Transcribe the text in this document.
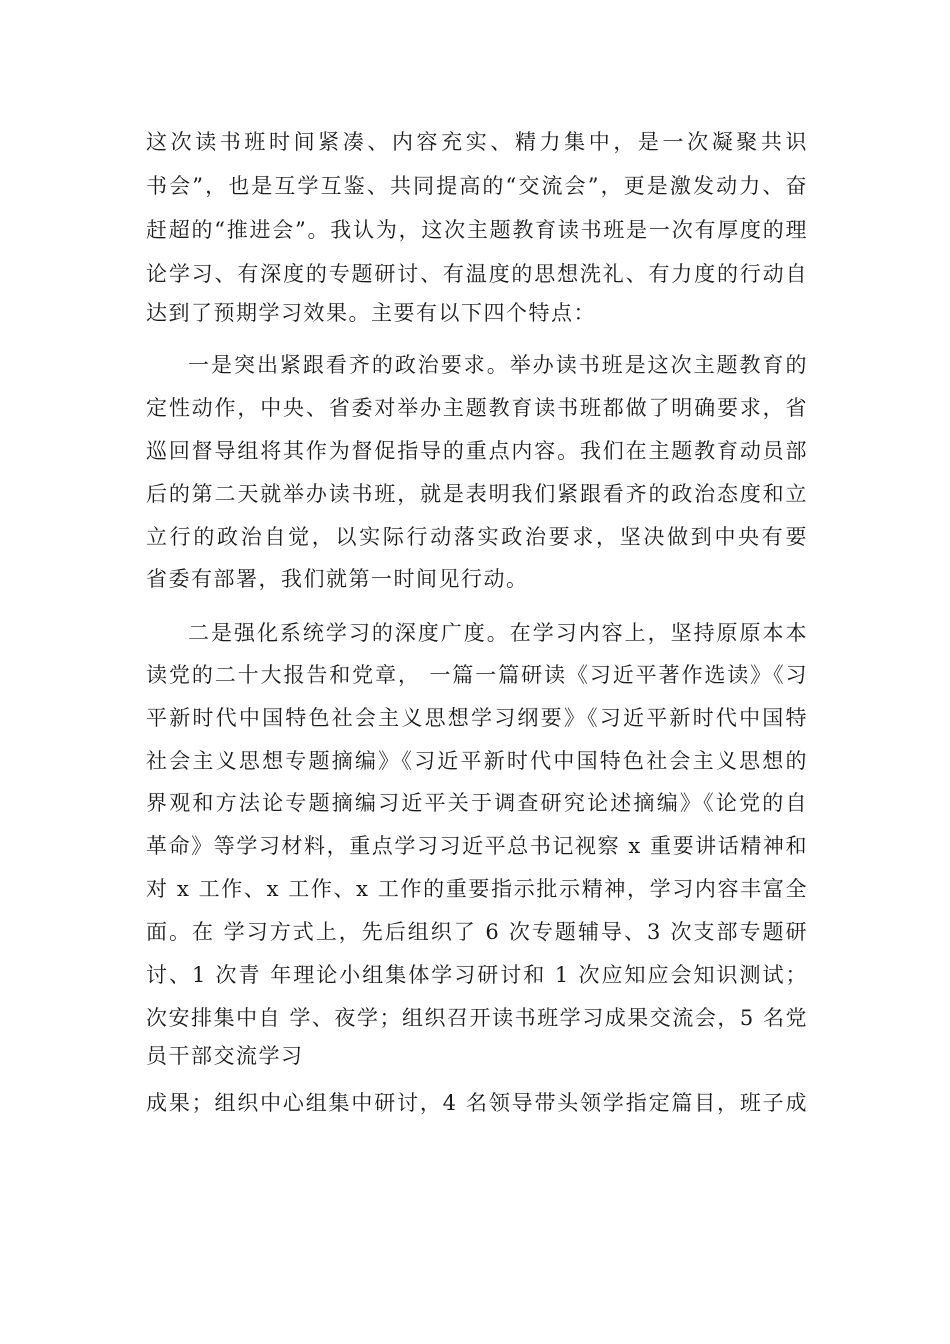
这次读书班时间紧凑、内容充实、精力集中，是一次凝聚共识
书会”，也是互学互鉴、共同提高的“交流会”，更是激发动力、奋
赶超的“推进会”。我认为，这次主题教育读书班是一次有厚度的理
论学习、有深度的专题研讨、有温度的思想洗礼、有力度的行动自
达到了预期学习效果。主要有以下四个特点：
一是突出紧跟看齐的政治要求。举办读书班是这次主题教育的
定性动作，中央、省委对举办主题教育读书班都做了明确要求，省
巡回督导组将其作为督促指导的重点内容。我们在主题教育动员部
后的第二天就举办读书班，就是表明我们紧跟看齐的政治态度和立
立行的政治自觉，以实际行动落实政治要求，坚决做到中央有要
省委有部署，我们就第一时间见行动。
二是强化系统学习的深度广度。在学习内容上，坚持原原本本
读党的二十大报告和党章， 一篇一篇研读《习近平著作选读》《习
平新时代中国特色社会主义思想学习纲要》《习近平新时代中国特
社会主义思想专题摘编》《习近平新时代中国特色社会主义思想的
界观和方法论专题摘编习近平关于调查研究论述摘编》《论党的自
革命》等学习材料，重点学习习近平总书记视察 x 重要讲话精神和
对 x 工作、x 工作、x 工作的重要指示批示精神，学习内容丰富全
面。在 学习方式上，先后组织了 6 次专题辅导、3 次支部专题研
讨、1 次青 年理论小组集体学习研讨和 1 次应知应会知识测试；
次安排集中自 学、夜学；组织召开读书班学习成果交流会，5 名党
员干部交流学习
成果；组织中心组集中研讨，4 名领导带头领学指定篇目，班子成
